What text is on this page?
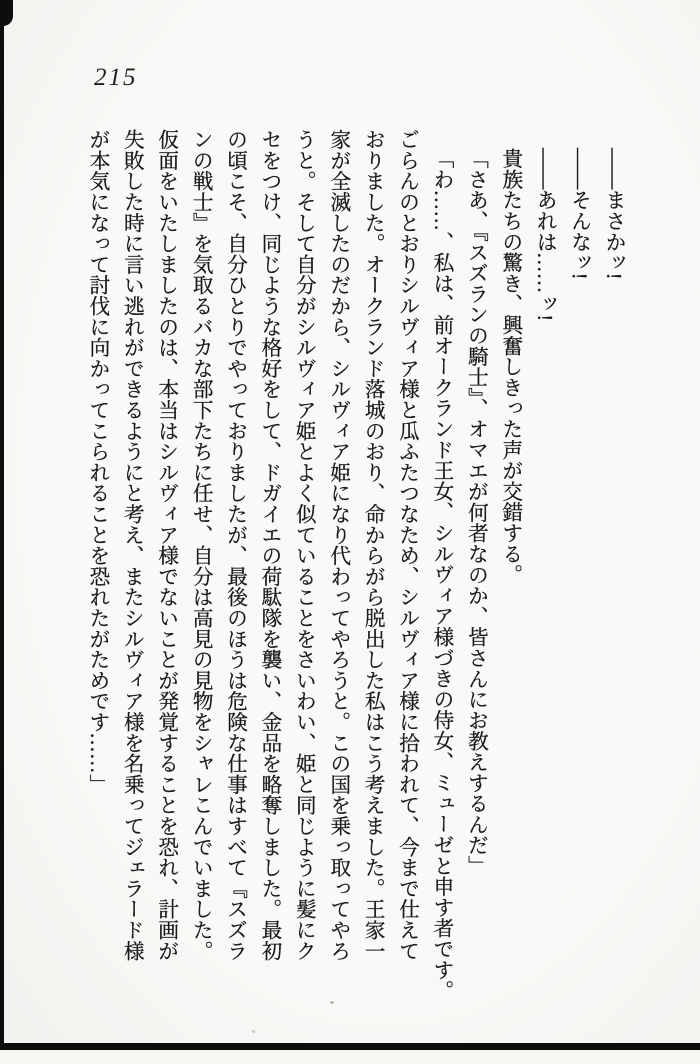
215
――まさかッ!
――そんなッ!
――あれは……ッ!
貴族たちの驚き、興奮しきった声が交錯する。
「さあ、『スズランの騎士』、オマエが何者なのか、皆さんにお教えするんだ」
「わ……、私は、前オークランド王女、シルヴィア様づきの侍女、ミューゼと申す者です。
ごらんのとおりシルヴィア様と瓜ふたつなため、シルヴィア様に拾われて、今まで仕えて
おりました。オークランド落城のおり、命からがら脱出した私はこう考えました。王家一
家が全滅したのだから、シルヴィア姫になり代わってやろうと。この国を乗っ取ってやろ
うと。そして自分がシルヴィア姫とよく似ていることをさいわい、姫と同じように髪にク
セをつけ、同じような格好をして、ドガイエの荷駄隊を襲い、金品を略奪しました。最初
の頃こそ、自分ひとりでやっておりましたが、最後のほうは危険な仕事はすべて『スズラ
ンの戦士』を気取るバカな部下たちに任せ、自分は高見の見物をシャレこんでいました。
仮面をいたしましたのは、本当はシルヴィア様でないことが発覚することを恐れ、計画が
失敗した時に言い逃れができるようにと考え、またシルヴィア様を名乗ってジェラード様
が本気になって討伐に向かってこられることを恐れたがためです……」
